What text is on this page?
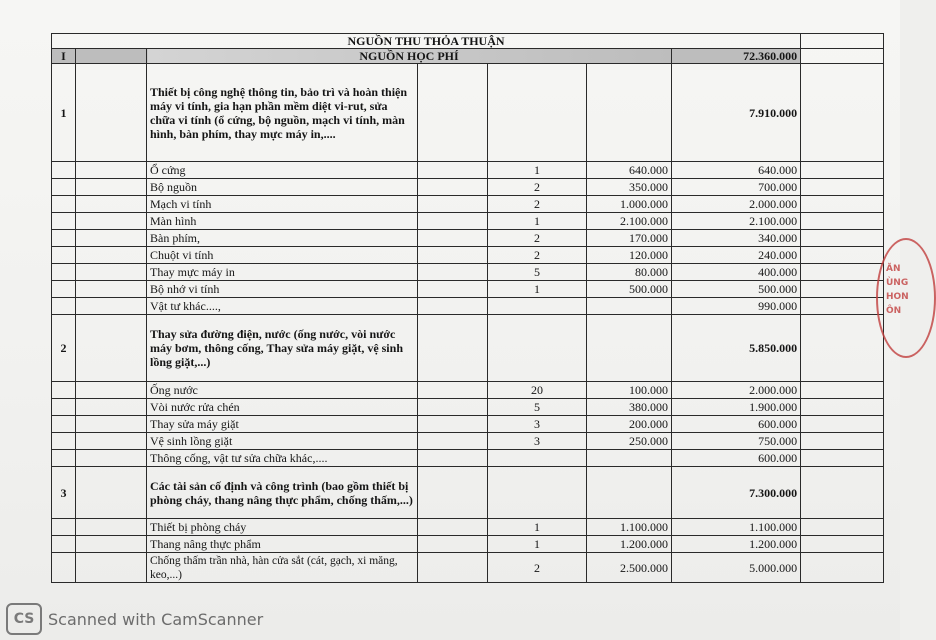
NGUỒN THU THỎA THUẬN							
I		NGUỒN HỌC PHÍ				72.360.000	
1		Thiết bị công nghệ thông tin, bảo trì và hoàn thiện máy vi tính, gia hạn phần mềm diệt vi-rut, sửa chữa vi tính (ổ cứng, bộ nguồn, mạch vi tính, màn hình, bàn phím, thay mực máy in,....				7.910.000	
		Ổ cứng		1	640.000	640.000	
		Bộ nguồn		2	350.000	700.000	
		Mạch vi tính		2	1.000.000	2.000.000	
		Màn hình		1	2.100.000	2.100.000	
		Bàn phím,		2	170.000	340.000	
		Chuột vi tính		2	120.000	240.000	
		Thay mực máy in		5	80.000	400.000	
		Bộ nhớ vi tính		1	500.000	500.000	
		Vật tư khác....,				990.000	
2		Thay sửa đường điện, nước (ống nước, vòi nước máy bơm, thông cống, Thay sửa máy giặt, vệ sinh lồng giặt,...)				5.850.000	
		Ống nước		20	100.000	2.000.000	
		Vòi nước rửa chén		5	380.000	1.900.000	
		Thay sửa máy giặt		3	200.000	600.000	
		Vệ sinh lồng giặt		3	250.000	750.000	
		Thông cống, vật tư sửa chữa khác,....				600.000	
3		Các tài sản cố định và công trình (bao gồm thiết bị phòng cháy, thang nâng thực phẩm, chống thấm,...)				7.300.000	
		Thiết bị phòng cháy		1	1.100.000	1.100.000	
		Thang nâng thực phẩm		1	1.200.000	1.200.000	
		Chống thấm trần nhà, hàn cửa sắt (cát, gạch, xi măng, keo,...)		2	2.500.000	5.000.000	
ĂN
ÙNG
HON
ÔN
CS Scanned with CamScanner
